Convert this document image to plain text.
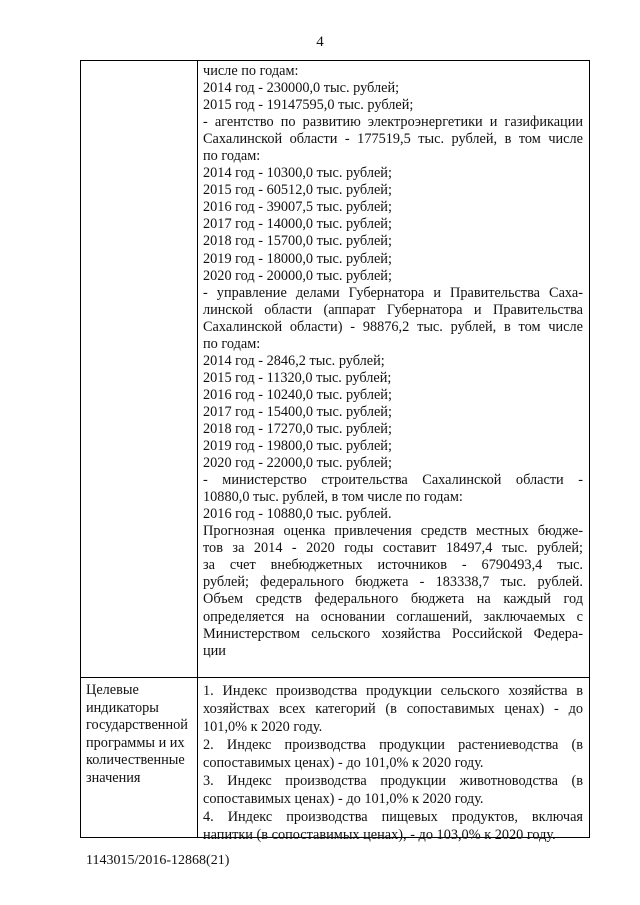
4
числе по годам:
2014 год - 230000,0 тыс. рублей;
2015 год - 19147595,0 тыс. рублей;
- агентство по развитию электроэнергетики и газификации
Сахалинской области - 177519,5 тыс. рублей, в том числе
по годам:
2014 год - 10300,0 тыс. рублей;
2015 год - 60512,0 тыс. рублей;
2016 год - 39007,5 тыс. рублей;
2017 год - 14000,0 тыс. рублей;
2018 год - 15700,0 тыс. рублей;
2019 год - 18000,0 тыс. рублей;
2020 год - 20000,0 тыс. рублей;
- управление делами Губернатора и Правительства Саха-
линской области (аппарат Губернатора и Правительства
Сахалинской области) - 98876,2 тыс. рублей, в том числе
по годам:
2014 год - 2846,2 тыс. рублей;
2015 год - 11320,0 тыс. рублей;
2016 год - 10240,0 тыс. рублей;
2017 год - 15400,0 тыс. рублей;
2018 год - 17270,0 тыс. рублей;
2019 год - 19800,0 тыс. рублей;
2020 год - 22000,0 тыс. рублей;
- министерство строительства Сахалинской области -
10880,0 тыс. рублей, в том числе по годам:
2016 год - 10880,0 тыс. рублей.
Прогнозная оценка привлечения средств местных бюдже-
тов за 2014 - 2020 годы составит 18497,4 тыс. рублей;
за счет внебюджетных источников - 6790493,4 тыс.
рублей; федерального бюджета - 183338,7 тыс. рублей.
Объем средств федерального бюджета на каждый год
определяется на основании соглашений, заключаемых с
Министерством сельского хозяйства Российской Федера-
ции
Целевые индикаторы государственной программы и их количественные значения
1. Индекс производства продукции сельского хозяйства в хозяйствах всех категорий (в сопоставимых ценах) - до 101,0% к 2020 году.
2. Индекс производства продукции растениеводства (в сопоставимых ценах) - до 101,0% к 2020 году.
3. Индекс производства продукции животноводства (в сопоставимых ценах) - до 101,0% к 2020 году.
4. Индекс производства пищевых продуктов, включая напитки (в сопоставимых ценах), - до 103,0% к 2020 году.
1143015/2016-12868(21)
